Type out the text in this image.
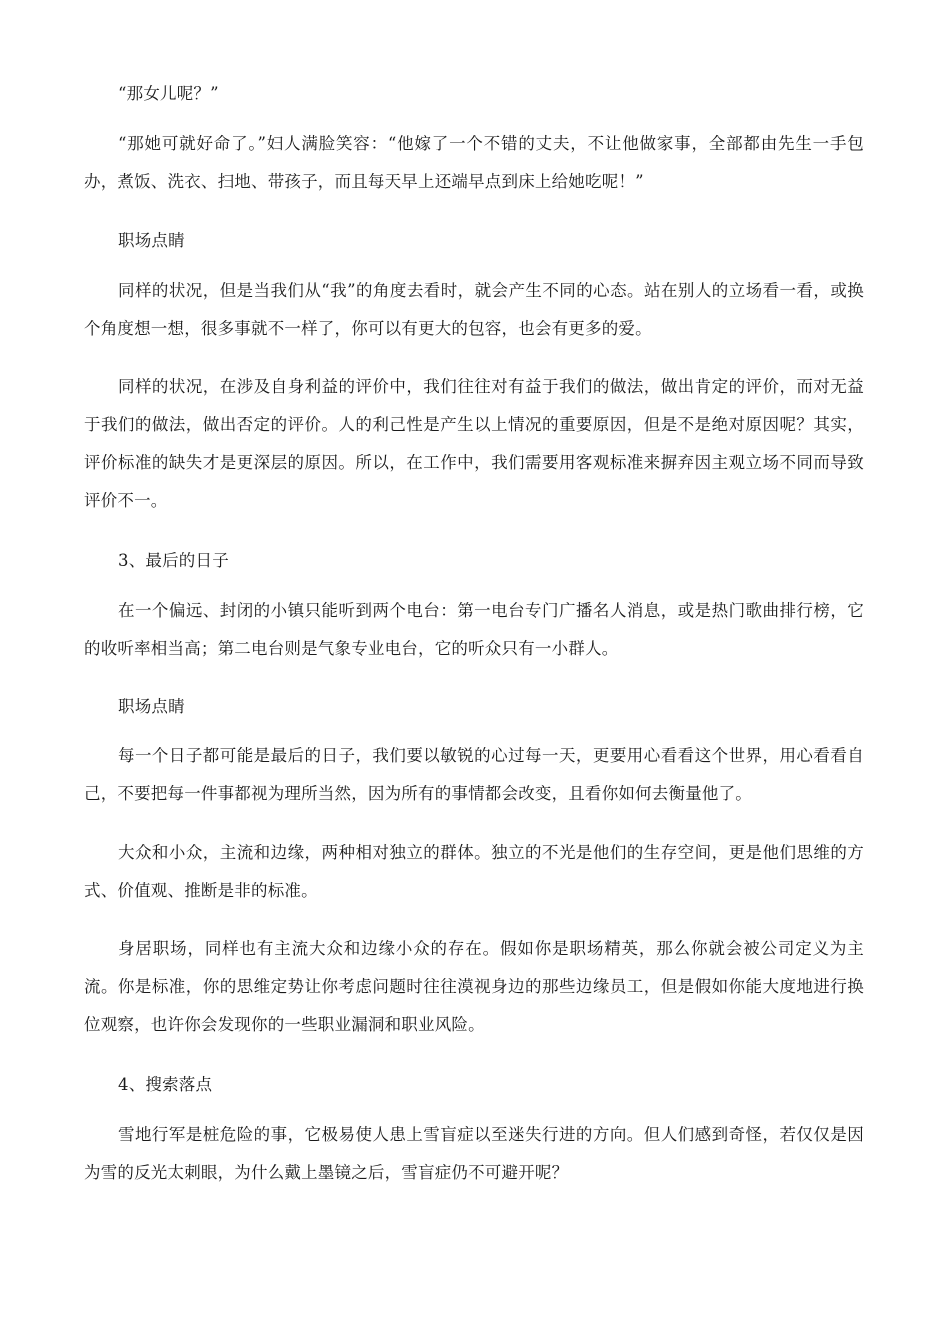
“那女儿呢？”

“那她可就好命了。”妇人满脸笑容：“他嫁了一个不错的丈夫，不让他做家事，全部都由先生一手包办，煮饭、洗衣、扫地、带孩子，而且每天早上还端早点到床上给她吃呢！”

职场点睛

同样的状况，但是当我们从“我”的角度去看时，就会产生不同的心态。站在别人的立场看一看，或换个角度想一想，很多事就不一样了，你可以有更大的包容，也会有更多的爱。

同样的状况，在涉及自身利益的评价中，我们往往对有益于我们的做法，做出肯定的评价，而对无益于我们的做法，做出否定的评价。人的利己性是产生以上情况的重要原因，但是不是绝对原因呢？其实，评价标准的缺失才是更深层的原因。所以，在工作中，我们需要用客观标准来摒弃因主观立场不同而导致评价不一。

3、最后的日子

在一个偏远、封闭的小镇只能听到两个电台：第一电台专门广播名人消息，或是热门歌曲排行榜，它的收听率相当高；第二电台则是气象专业电台，它的听众只有一小群人。

职场点睛

每一个日子都可能是最后的日子，我们要以敏锐的心过每一天，更要用心看看这个世界，用心看看自己，不要把每一件事都视为理所当然，因为所有的事情都会改变，且看你如何去衡量他了。

大众和小众，主流和边缘，两种相对独立的群体。独立的不光是他们的生存空间，更是他们思维的方式、价值观、推断是非的标准。

身居职场，同样也有主流大众和边缘小众的存在。假如你是职场精英，那么你就会被公司定义为主流。你是标准，你的思维定势让你考虑问题时往往漠视身边的那些边缘员工，但是假如你能大度地进行换位观察，也许你会发现你的一些职业漏洞和职业风险。

4、搜索落点

雪地行军是桩危险的事，它极易使人患上雪盲症以至迷失行进的方向。但人们感到奇怪，若仅仅是因为雪的反光太刺眼，为什么戴上墨镜之后，雪盲症仍不可避开呢？
